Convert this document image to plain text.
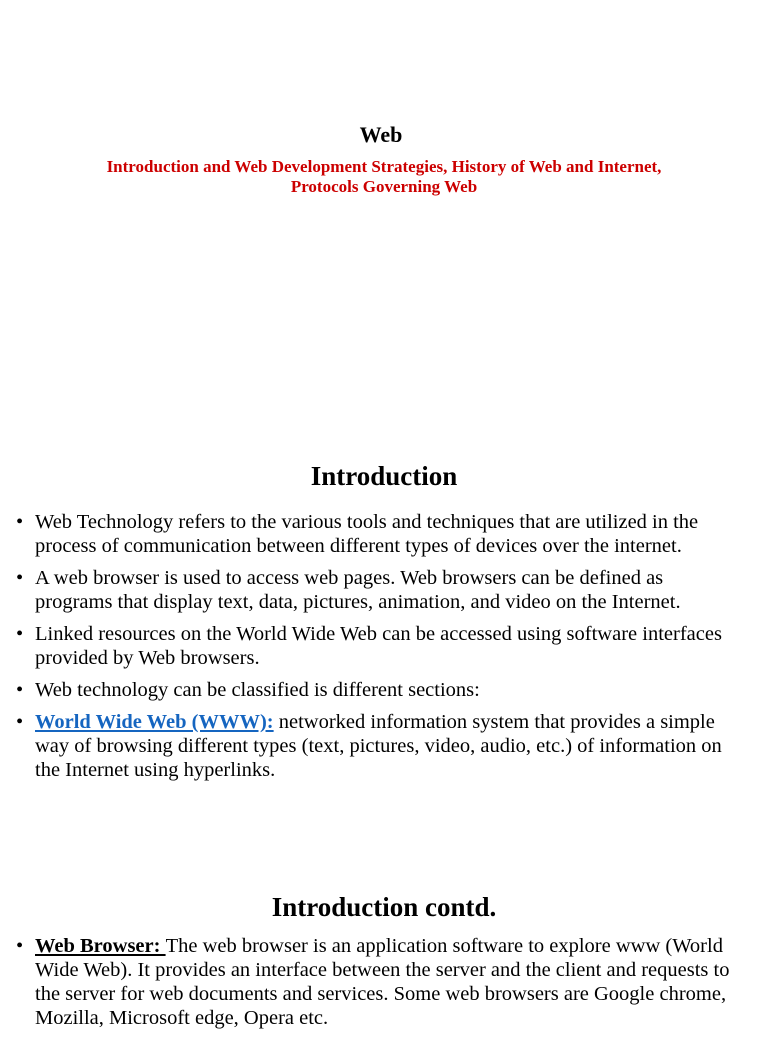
Web
Introduction and Web Development Strategies, History of Web and Internet, Protocols Governing Web
Introduction
• Web Technology refers to the various tools and techniques that are utilized in the process of communication between different types of devices over the internet.
• A web browser is used to access web pages. Web browsers can be defined as programs that display text, data, pictures, animation, and video on the Internet.
• Linked resources on the World Wide Web can be accessed using software interfaces provided by Web browsers.
• Web technology can be classified is different sections:
• World Wide Web (WWW): networked information system that provides a simple way of browsing different types (text, pictures, video, audio, etc.) of information on the Internet using hyperlinks.
Introduction contd.
• Web Browser: The web browser is an application software to explore www (World Wide Web). It provides an interface between the server and the client and requests to the server for web documents and services. Some web browsers are Google chrome, Mozilla, Microsoft edge, Opera etc.
